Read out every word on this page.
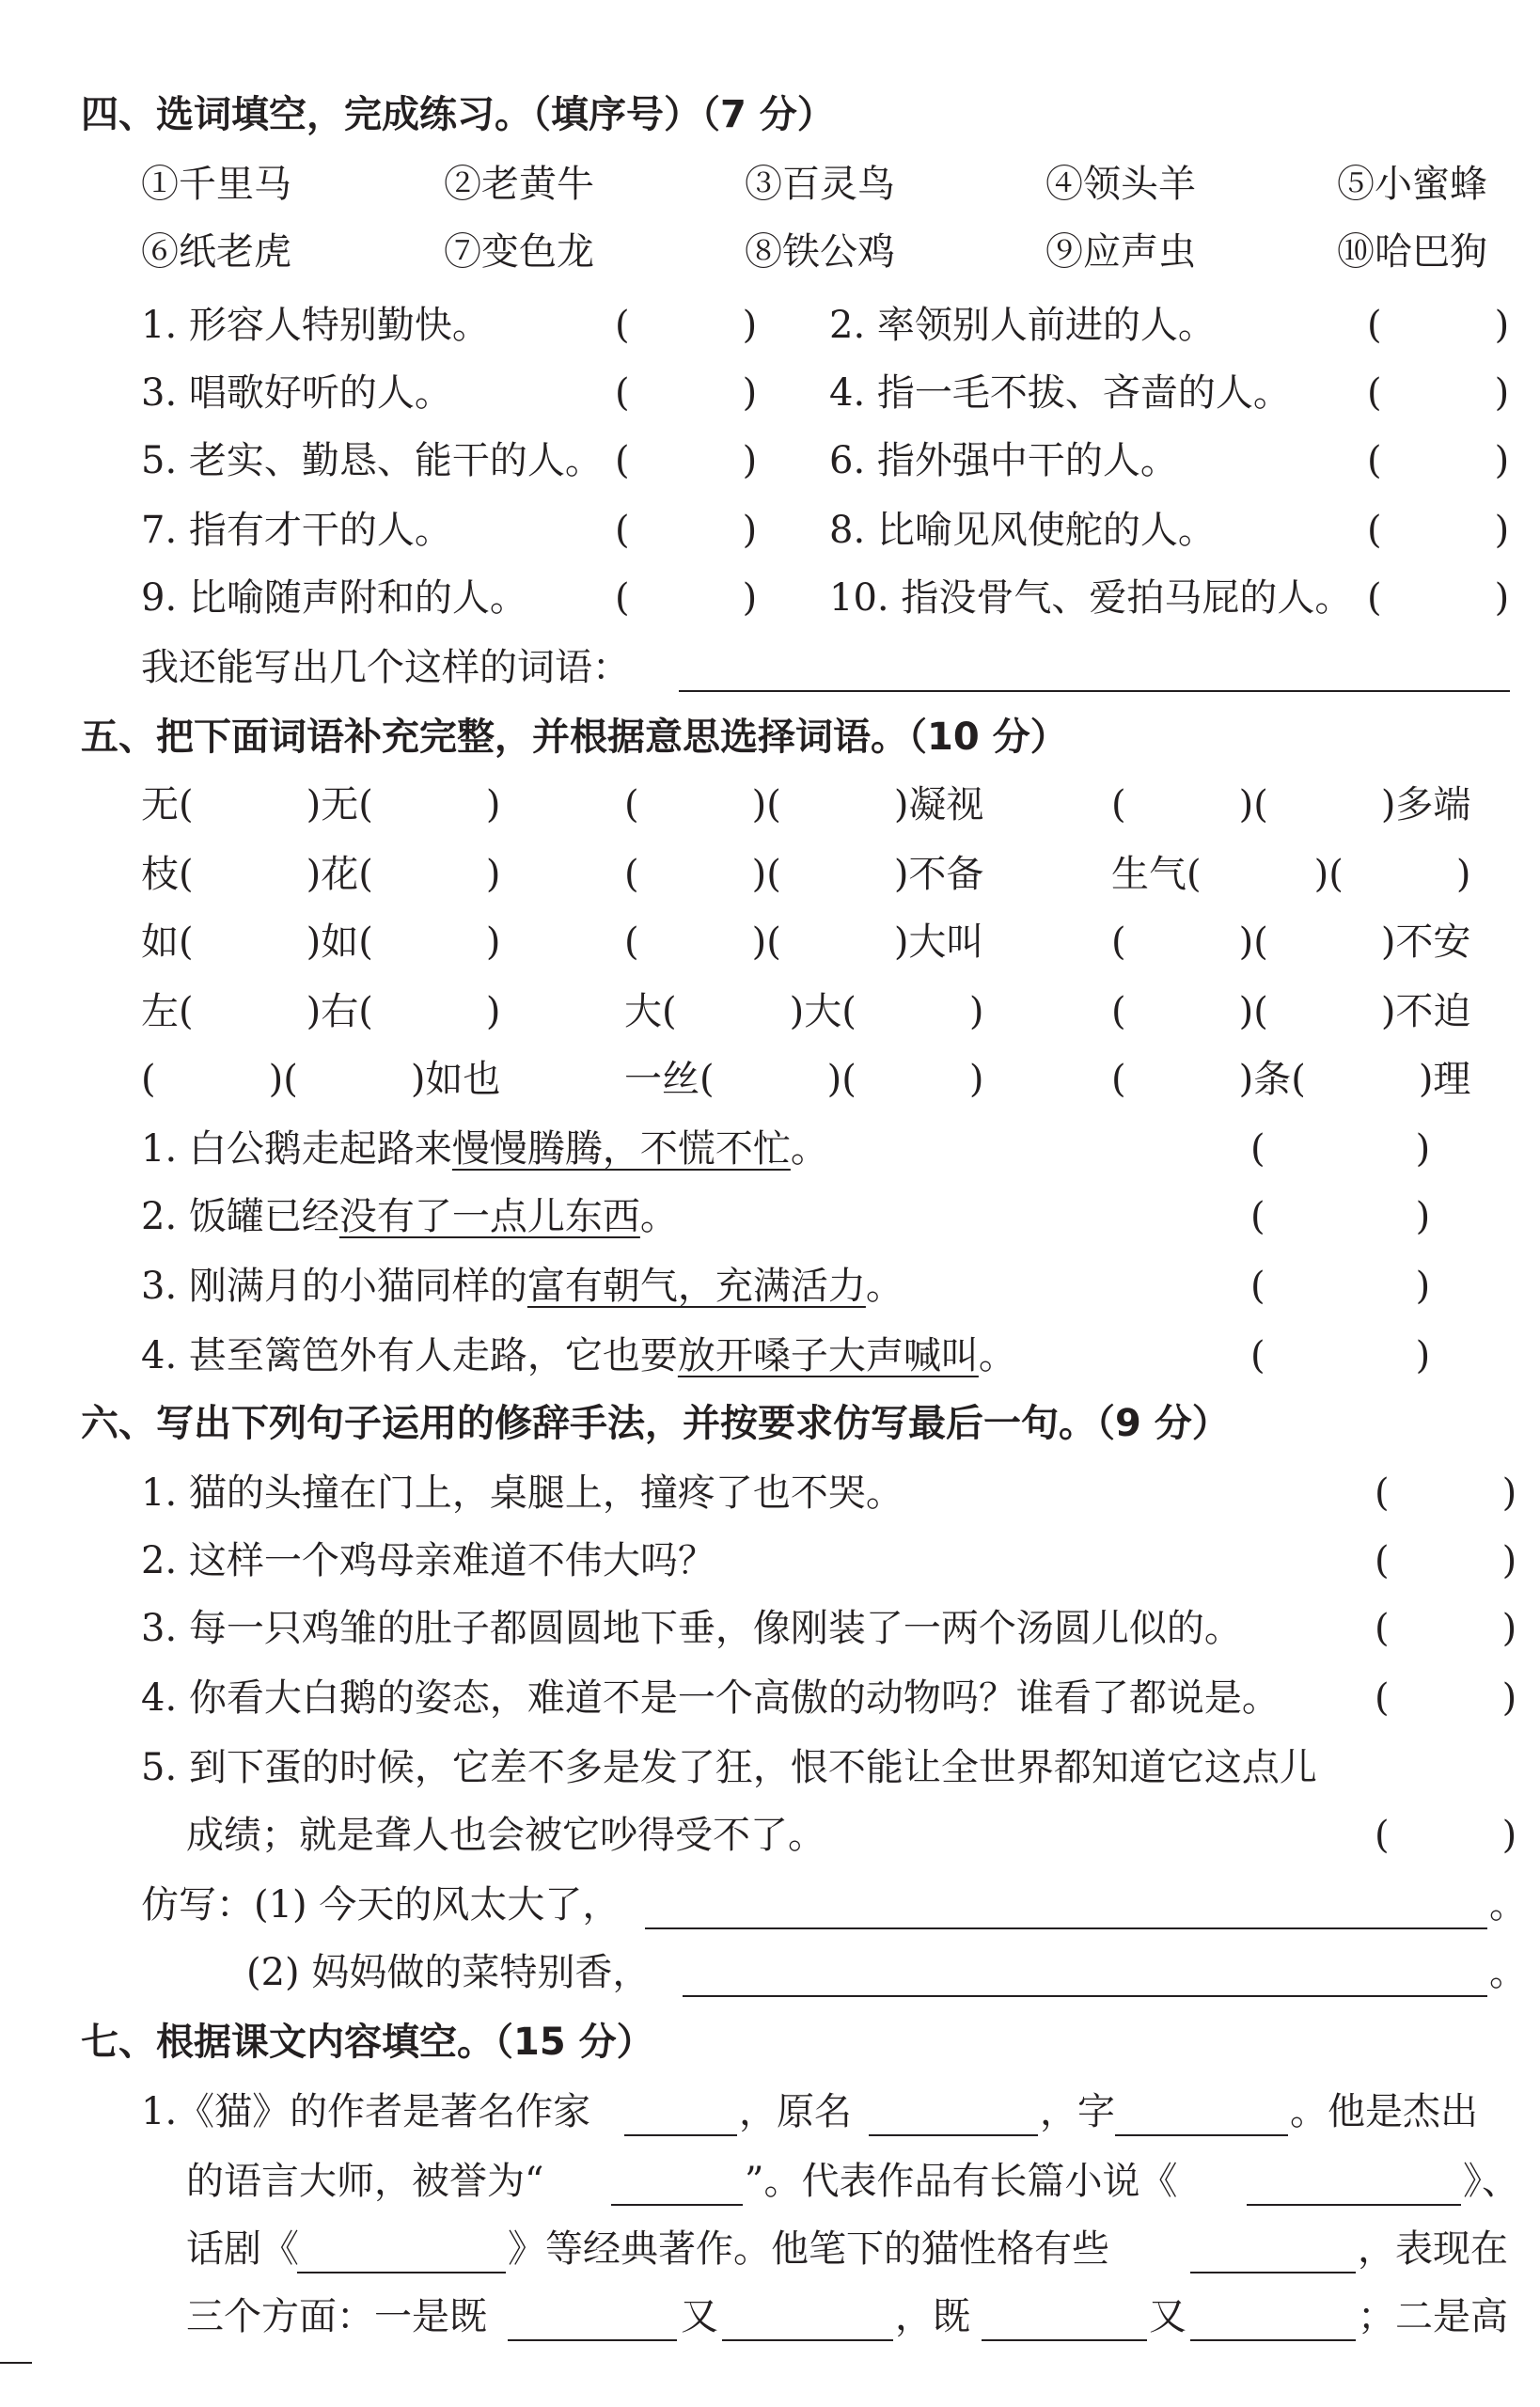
四、选词填空，完成练习。（填序号）（7 分）
①千里马	②老黄牛	③百灵鸟	④领头羊	⑤小蜜蜂
⑥纸老虎	⑦变色龙	⑧铁公鸡	⑨应声虫	⑩哈巴狗
1. 形容人特别勤快。	(　　　) 2. 率领别人前进的人。	(　　　)
3. 唱歌好听的人。	(　　　) 4. 指一毛不拔、吝啬的人。 (　　　)
5. 老实、勤恳、能干的人。 (　　　) 6. 指外强中干的人。	(　　　)
7. 指有才干的人。	(　　　) 8. 比喻见风使舵的人。	(　　　)
9. 比喻随声附和的人。 (　　　) 10. 指没骨气、爱拍马屁的人。 (　　　)
我还能写出几个这样的词语：
五、把下面词语补充完整，并根据意思选择词语。（10 分）
无(　　　)无(　　　)	(　　　)(　　　)凝视	(　　　)(　　　)多端
枝(　　　)花(　　　)	(　　　)(　　　)不备	生气(　　　)(　　　)
如(　　　)如(　　　)	(　　　)(　　　)大叫	(　　　)(　　　)不安
左(　　　)右(　　　)	大(　　　)大(　　　)	(　　　)(　　　)不迫
(　　　)(　　　)如也	一丝(　　　)(　　　)	(　　　)条(　　　)理
1. 白公鹅走起路来慢慢腾腾，不慌不忙。	(　　　　)
2. 饭罐已经没有了一点儿东西。	(　　　　)
3. 刚满月的小猫同样的富有朝气，充满活力。	(　　　　)
4. 甚至篱笆外有人走路，它也要放开嗓子大声喊叫。	(　　　　)
六、写出下列句子运用的修辞手法，并按要求仿写最后一句。（9 分）
1. 猫的头撞在门上，桌腿上，撞疼了也不哭。	(　　　)
2. 这样一个鸡母亲难道不伟大吗？	(　　　)
3. 每一只鸡雏的肚子都圆圆地下垂，像刚装了一两个汤圆儿似的。	(　　　)
4. 你看大白鹅的姿态，难道不是一个高傲的动物吗？谁看了都说是。	(　　　)
5. 到下蛋的时候，它差不多是发了狂，恨不能让全世界都知道它这点儿
成绩；就是聋人也会被它吵得受不了。	(　　　)
仿写：(1) 今天的风太大了，	。
(2) 妈妈做的菜特别香，	。
七、根据课文内容填空。（15 分）
1.《猫》的作者是著名作家	，原名	，字	。他是杰出
的语言大师，被誉为“	”。代表作品有长篇小说《	》、
话剧《	》等经典著作。他笔下的猫性格有些	，表现在
三个方面：一是既	又	，既	又	；二是高
